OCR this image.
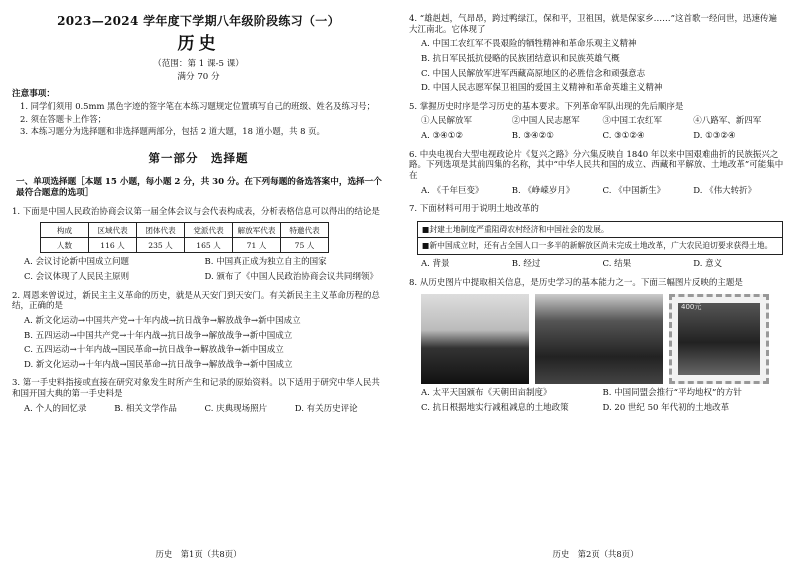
2023—2024 学年度下学期八年级阶段练习（一）
历史
（范围：第 1 课-5 课）
满分 70 分
注意事项：
1. 同学们须用 0.5mm 黑色字迹的签字笔在本练习题规定位置填写自己的班级、姓名及练习号；
2. 须在答题卡上作答；
3. 本练习题分为选择题和非选择题两部分，包括 2 道大题，18 道小题，共 8 页。
第一部分　选择题
一、单项选择题［本题 15 小题，每小题 2 分，共 30 分。在下列每题的备选答案中，选择一个最符合题意的选项］
1. 下面是中国人民政治协商会议第一届全体会议与会代表构成表，分析表格信息可以得出的结论是
构成	区域代表	团体代表	党派代表	解放军代表	特邀代表
人数	116 人	235 人	165 人	71 人	75 人
A. 会议讨论新中国成立问题	B. 中国真正成为独立自主的国家
C. 会议体现了人民民主原则	D. 颁布了《中国人民政治协商会议共同纲领》
2. 周恩来曾说过，新民主主义革命的历史，就是从天安门到天安门。有关新民主主义革命历程的总结，正确的是
A. 新文化运动→中国共产党→十年内战→抗日战争→解放战争→新中国成立
B. 五四运动→中国共产党→十年内战→抗日战争→解放战争→新中国成立
C. 五四运动→十年内战→国民革命→抗日战争→解放战争→新中国成立
D. 新文化运动→十年内战→国民革命→抗日战争→解放战争→新中国成立
3. 第一手史料指接或直接在研究对象发生时所产生和记录的原始资料。以下适用于研究中华人民共和国开国大典的第一手史料是
A. 个人的回忆录	B. 相关文学作品	C. 庆典现场照片	D. 有关历史评论
历史　第1页（共8页）
4. “雄赳赳，气昂昂，跨过鸭绿江，保和平，卫祖国，就是保家乡……”这首歌一经问世，迅速传遍大江南北。它体现了
A. 中国工农红军不畏艰险的牺牲精神和革命乐观主义精神
B. 抗日军民抵抗侵略的民族团结意识和民族英雄气概
C. 中国人民解放军进军西藏高原地区的必胜信念和顽强意志
D. 中国人民志愿军保卫祖国的爱国主义精神和革命英雄主义精神
5. 掌握历史时序是学习历史的基本要求。下列革命军队出现的先后顺序是
①人民解放军	②中国人民志愿军	③中国工农红军	④八路军、新四军
A. ③④①②	B. ③④②①	C. ③①②④	D. ①③②④
6. 中央电视台大型电视政论片《复兴之路》分六集反映自 1840 年以来中国艰难曲折的民族振兴之路。下列选项是其前四集的名称，其中“中华人民共和国的成立、西藏和平解放、土地改革”可能集中在
A. 《千年巨变》	B. 《峥嵘岁月》	C. 《中国新生》	D. 《伟大转折》
7. 下面材料可用于说明土地改革的
■封建土地制度严重阻碍农村经济和中国社会的发展。
■新中国成立时，还有占全国人口一多半的新解放区尚未完成土地改革，广大农民迫切要求获得土地。
A. 背景	B. 经过	C. 结果	D. 意义
8. 从历史图片中提取相关信息，是历史学习的基本能力之一。下面三幅图片反映的主题是
400元
A. 太平天国颁布《天朝田亩制度》	B. 中国同盟会推行“平均地权”的方针
C. 抗日根据地实行减租减息的土地政策	D. 20 世纪 50 年代初的土地改革
历史　第2页（共8页）
